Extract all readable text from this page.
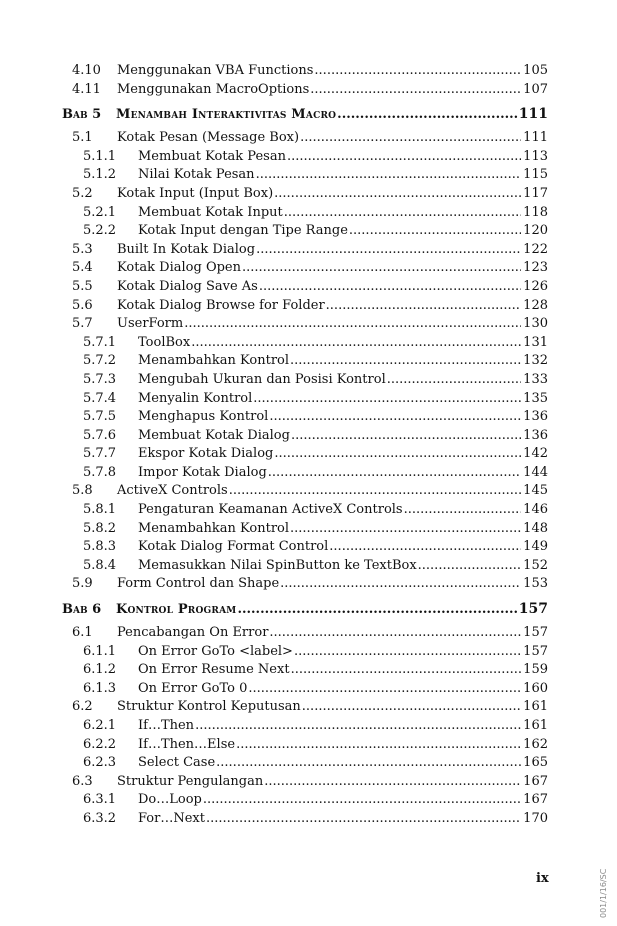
4.10 Menggunakan VBA Functions .....	105
4.11 Menggunakan MacroOptions .....	107
Bab 5	Menambah Interaktivitas Macro .....	111
5.1 Kotak Pesan (Message Box) .....	111
5.1.1 Membuat Kotak Pesan .....	113
5.1.2 Nilai Kotak Pesan .....	115
5.2 Kotak Input (Input Box) .....	117
5.2.1 Membuat Kotak Input .....	118
5.2.2 Kotak Input dengan Tipe Range .....	120
5.3 Built In Kotak Dialog .....	122
5.4 Kotak Dialog Open .....	123
5.5 Kotak Dialog Save As .....	126
5.6 Kotak Dialog Browse for Folder .....	128
5.7 UserForm .....	130
5.7.1 ToolBox .....	131
5.7.2 Menambahkan Kontrol .....	132
5.7.3 Mengubah Ukuran dan Posisi Kontrol .....	133
5.7.4 Menyalin Kontrol .....	135
5.7.5 Menghapus Kontrol .....	136
5.7.6 Membuat Kotak Dialog .....	136
5.7.7 Ekspor Kotak Dialog .....	142
5.7.8 Impor Kotak Dialog .....	144
5.8 ActiveX Controls .....	145
5.8.1 Pengaturan Keamanan ActiveX Controls .....	146
5.8.2 Menambahkan Kontrol .....	148
5.8.3 Kotak Dialog Format Control .....	149
5.8.4 Memasukkan Nilai SpinButton ke TextBox .....	152
5.9 Form Control dan Shape .....	153
Bab 6	Kontrol Program .....	157
6.1 Pencabangan On Error .....	157
6.1.1 On Error GoTo <label> .....	157
6.1.2 On Error Resume Next .....	159
6.1.3 On Error GoTo 0 .....	160
6.2 Struktur Kontrol Keputusan .....	161
6.2.1 If…Then .....	161
6.2.2 If…Then…Else .....	162
6.2.3 Select Case .....	165
6.3 Struktur Pengulangan .....	167
6.3.1 Do…Loop .....	167
6.3.2 For…Next .....	170
ix	001/1/16/SC
